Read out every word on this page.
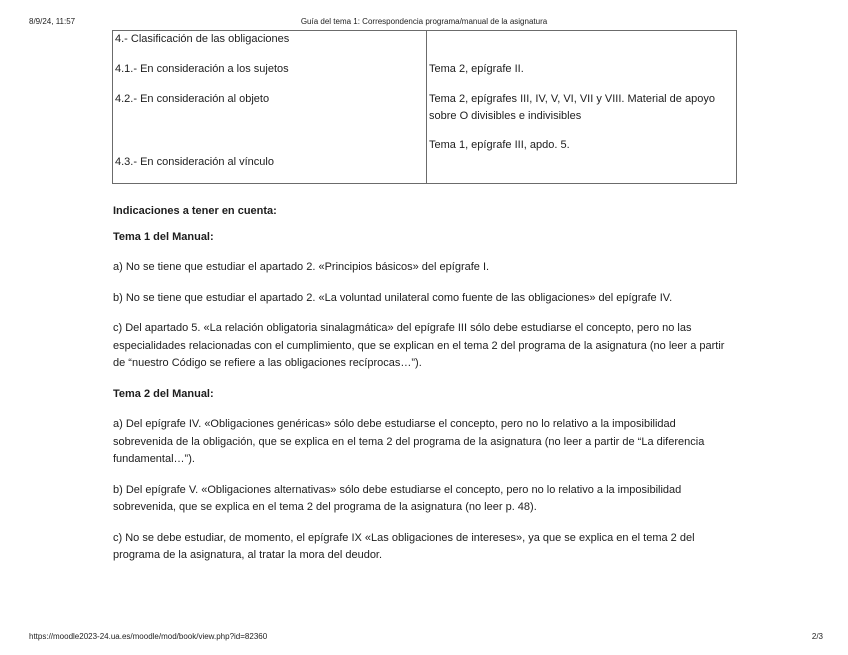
8/9/24, 11:57	Guía del tema 1: Correspondencia programa/manual de la asignatura
4.- Clasificación de las obligaciones	
4.1.- En consideración a los sujetos	Tema 2, epígrafe II.
4.2.- En consideración al objeto	Tema 2, epígrafes III, IV, V, VI, VII y VIII. Material de apoyo sobre O divisibles e indivisibles
4.3.- En consideración al vínculo	Tema 1, epígrafe III, apdo. 5.

Indicaciones a tener en cuenta:

Tema 1 del Manual:

a) No se tiene que estudiar el apartado 2. «Principios básicos» del epígrafe I.

b) No se tiene que estudiar el apartado 2. «La voluntad unilateral como fuente de las obligaciones» del epígrafe IV.

c) Del apartado 5. «La relación obligatoria sinalagmática» del epígrafe III sólo debe estudiarse el concepto, pero no las especialidades relacionadas con el cumplimiento, que se explican en el tema 2 del programa de la asignatura (no leer a partir de “nuestro Código se refiere a las obligaciones recíprocas…”).

Tema 2 del Manual:

a) Del epígrafe IV. «Obligaciones genéricas» sólo debe estudiarse el concepto, pero no lo relativo a la imposibilidad sobrevenida de la obligación, que se explica en el tema 2 del programa de la asignatura (no leer a partir de “La diferencia fundamental…”).

b) Del epígrafe V. «Obligaciones alternativas» sólo debe estudiarse el concepto, pero no lo relativo a la imposibilidad sobrevenida, que se explica en el tema 2 del programa de la asignatura (no leer p. 48).

c) No se debe estudiar, de momento, el epígrafe IX «Las obligaciones de intereses», ya que se explica en el tema 2 del programa de la asignatura, al tratar la mora del deudor.

https://moodle2023-24.ua.es/moodle/mod/book/view.php?id=82360	2/3
